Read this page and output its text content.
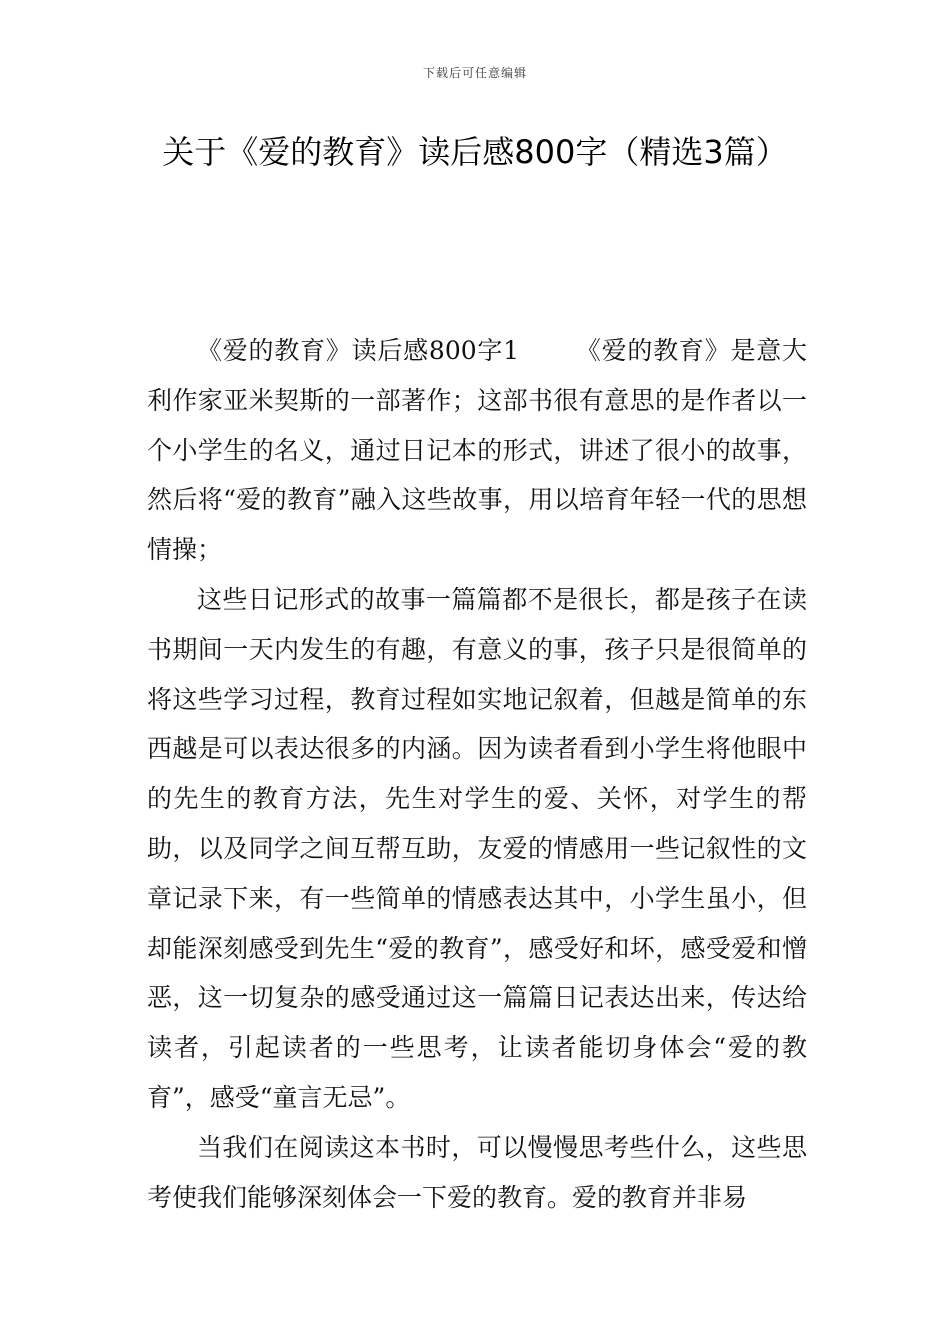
下载后可任意编辑
关于《爱的教育》读后感800字（精选3篇）

《爱的教育》读后感800字1 《爱的教育》是意大利作家亚米契斯的一部著作；这部书很有意思的是作者以一个小学生的名义，通过日记本的形式，讲述了很小的故事，然后将“爱的教育”融入这些故事，用以培育年轻一代的思想情操；

这些日记形式的故事一篇篇都不是很长，都是孩子在读书期间一天内发生的有趣，有意义的事，孩子只是很简单的将这些学习过程，教育过程如实地记叙着，但越是简单的东西越是可以表达很多的内涵。因为读者看到小学生将他眼中的先生的教育方法，先生对学生的爱、关怀，对学生的帮助，以及同学之间互帮互助，友爱的情感用一些记叙性的文章记录下来，有一些简单的情感表达其中，小学生虽小，但却能深刻感受到先生“爱的教育”，感受好和坏，感受爱和憎恶，这一切复杂的感受通过这一篇篇日记表达出来，传达给读者，引起读者的一些思考，让读者能切身体会“爱的教育”，感受“童言无忌”。

当我们在阅读这本书时，可以慢慢思考些什么，这些思考使我们能够深刻体会一下爱的教育。爱的教育并非易
